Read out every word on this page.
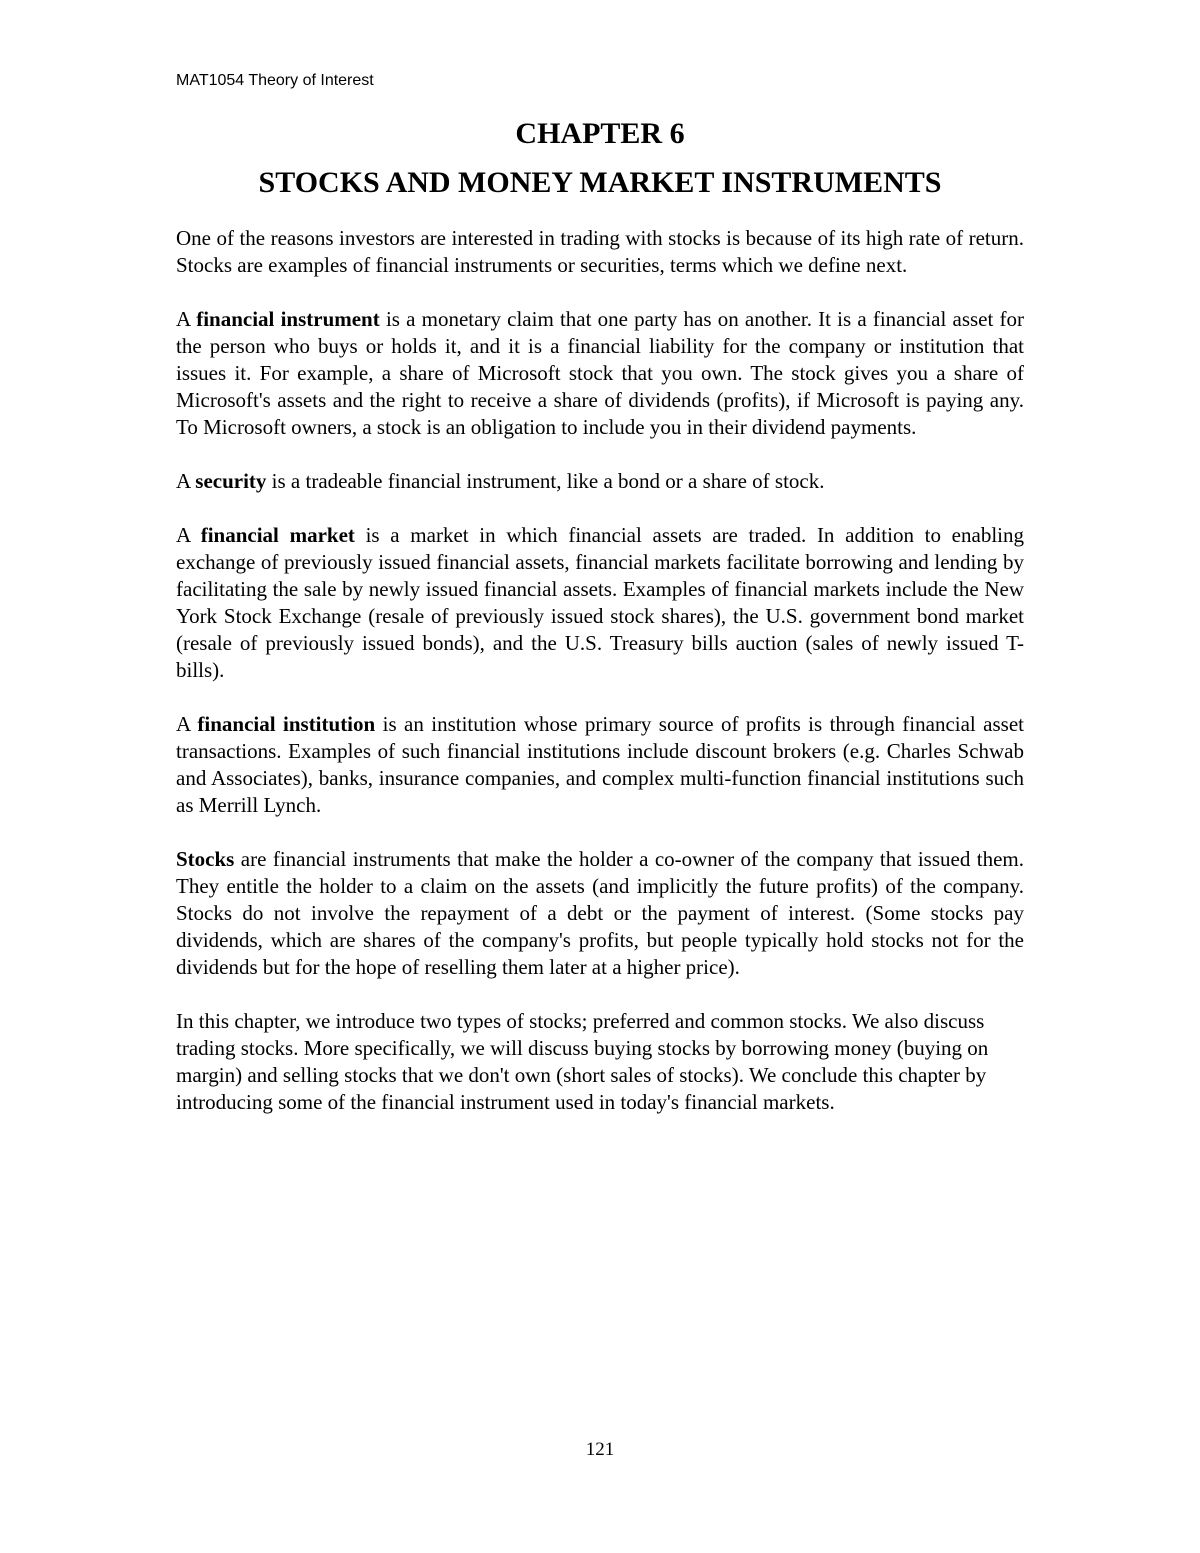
MAT1054 Theory of Interest
CHAPTER 6
STOCKS AND MONEY MARKET INSTRUMENTS

One of the reasons investors are interested in trading with stocks is because of its high rate of return. Stocks are examples of financial instruments or securities, terms which we define next.

A financial instrument is a monetary claim that one party has on another. It is a financial asset for the person who buys or holds it, and it is a financial liability for the company or institution that issues it. For example, a share of Microsoft stock that you own. The stock gives you a share of Microsoft's assets and the right to receive a share of dividends (profits), if Microsoft is paying any. To Microsoft owners, a stock is an obligation to include you in their dividend payments.

A security is a tradeable financial instrument, like a bond or a share of stock.

A financial market is a market in which financial assets are traded. In addition to enabling exchange of previously issued financial assets, financial markets facilitate borrowing and lending by facilitating the sale by newly issued financial assets. Examples of financial markets include the New York Stock Exchange (resale of previously issued stock shares), the U.S. government bond market (resale of previously issued bonds), and the U.S. Treasury bills auction (sales of newly issued T-bills).

A financial institution is an institution whose primary source of profits is through financial asset transactions. Examples of such financial institutions include discount brokers (e.g. Charles Schwab and Associates), banks, insurance companies, and complex multi-function financial institutions such as Merrill Lynch.

Stocks are financial instruments that make the holder a co-owner of the company that issued them. They entitle the holder to a claim on the assets (and implicitly the future profits) of the company. Stocks do not involve the repayment of a debt or the payment of interest. (Some stocks pay dividends, which are shares of the company's profits, but people typically hold stocks not for the dividends but for the hope of reselling them later at a higher price).

In this chapter, we introduce two types of stocks; preferred and common stocks. We also discuss trading stocks. More specifically, we will discuss buying stocks by borrowing money (buying on margin) and selling stocks that we don't own (short sales of stocks). We conclude this chapter by introducing some of the financial instrument used in today's financial markets.

121
